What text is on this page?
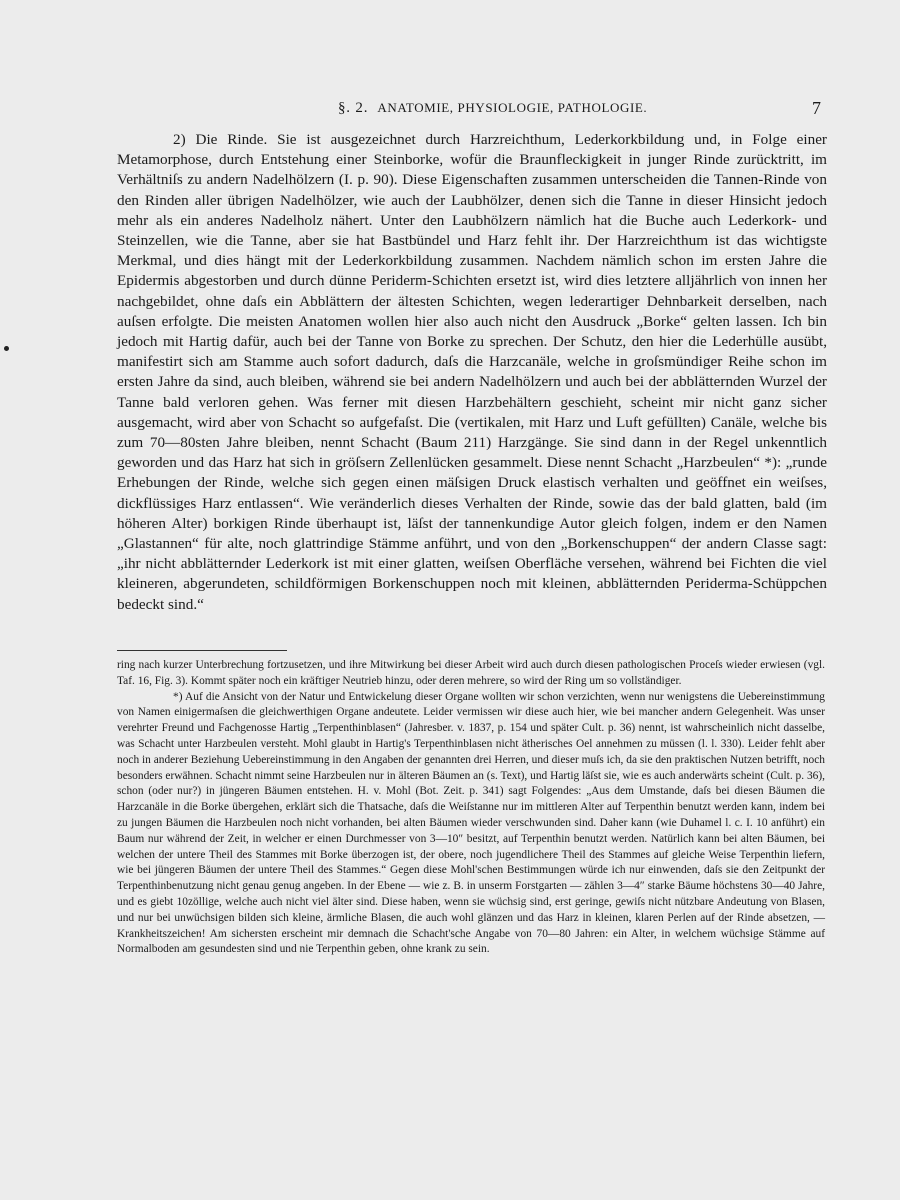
§. 2. ANATOMIE, PHYSIOLOGIE, PATHOLOGIE.	7

2) Die Rinde. Sie ist ausgezeichnet durch Harzreichthum, Lederkorkbildung und, in Folge einer Metamorphose, durch Entstehung einer Steinborke, wofür die Braunfleckigkeit in junger Rinde zurücktritt, im Verhältniſs zu andern Nadelhölzern (I. p. 90). Diese Eigenschaften zusammen unterscheiden die Tannen-Rinde von den Rinden aller übrigen Nadelhölzer, wie auch der Laubhölzer, denen sich die Tanne in dieser Hinsicht jedoch mehr als ein anderes Nadelholz nähert. Unter den Laubhölzern nämlich hat die Buche auch Lederkork- und Steinzellen, wie die Tanne, aber sie hat Bastbündel und Harz fehlt ihr. Der Harzreichthum ist das wichtigste Merkmal, und dies hängt mit der Lederkorkbildung zusammen. Nachdem nämlich schon im ersten Jahre die Epidermis abgestorben und durch dünne Periderm-Schichten ersetzt ist, wird dies letztere alljährlich von innen her nachgebildet, ohne daſs ein Abblättern der ältesten Schichten, wegen lederartiger Dehnbarkeit derselben, nach auſsen erfolgte. Die meisten Anatomen wollen hier also auch nicht den Ausdruck „Borke“ gelten lassen. Ich bin jedoch mit Hartig dafür, auch bei der Tanne von Borke zu sprechen. Der Schutz, den hier die Lederhülle ausübt, manifestirt sich am Stamme auch sofort dadurch, daſs die Harzcanäle, welche in groſsmündiger Reihe schon im ersten Jahre da sind, auch bleiben, während sie bei andern Nadelhölzern und auch bei der abblätternden Wurzel der Tanne bald verloren gehen. Was ferner mit diesen Harzbehältern geschieht, scheint mir nicht ganz sicher ausgemacht, wird aber von Schacht so aufgefaſst. Die (vertikalen, mit Harz und Luft gefüllten) Canäle, welche bis zum 70—80sten Jahre bleiben, nennt Schacht (Baum 211) Harzgänge. Sie sind dann in der Regel unkenntlich geworden und das Harz hat sich in gröſsern Zellenlücken gesammelt. Diese nennt Schacht „Harzbeulen“ *): „runde Erhebungen der Rinde, welche sich gegen einen mäſsigen Druck elastisch verhalten und geöffnet ein weiſses, dickflüssiges Harz entlassen“. Wie veränderlich dieses Verhalten der Rinde, sowie das der bald glatten, bald (im höheren Alter) borkigen Rinde überhaupt ist, läſst der tannenkundige Autor gleich folgen, indem er den Namen „Glastannen“ für alte, noch glattrindige Stämme anführt, und von den „Borkenschuppen“ der andern Classe sagt: „ihr nicht abblätternder Lederkork ist mit einer glatten, weiſsen Oberfläche versehen, während bei Fichten die viel kleineren, abgerundeten, schildförmigen Borkenschuppen noch mit kleinen, abblätternden Periderma-Schüppchen bedeckt sind.“

ring nach kurzer Unterbrechung fortzusetzen, und ihre Mitwirkung bei dieser Arbeit wird auch durch diesen pathologischen Proceſs wieder erwiesen (vgl. Taf. 16, Fig. 3). Kommt später noch ein kräftiger Neutrieb hinzu, oder deren mehrere, so wird der Ring um so vollständiger.

*) Auf die Ansicht von der Natur und Entwickelung dieser Organe wollten wir schon verzichten, wenn nur wenigstens die Uebereinstimmung von Namen einigermaſsen die gleichwerthigen Organe andeutete. Leider vermissen wir diese auch hier, wie bei mancher andern Gelegenheit. Was unser verehrter Freund und Fachgenosse Hartig „Terpenthinblasen“ (Jahresber. v. 1837, p. 154 und später Cult. p. 36) nennt, ist wahrscheinlich nicht dasselbe, was Schacht unter Harzbeulen versteht. Mohl glaubt in Hartig's Terpenthinblasen nicht ätherisches Oel annehmen zu müssen (l. l. 330). Leider fehlt aber noch in anderer Beziehung Uebereinstimmung in den Angaben der genannten drei Herren, und dieser muſs ich, da sie den praktischen Nutzen betrifft, noch besonders erwähnen. Schacht nimmt seine Harzbeulen nur in älteren Bäumen an (s. Text), und Hartig läſst sie, wie es auch anderwärts scheint (Cult. p. 36), schon (oder nur?) in jüngeren Bäumen entstehen. H. v. Mohl (Bot. Zeit. p. 341) sagt Folgendes: „Aus dem Umstande, daſs bei diesen Bäumen die Harzcanäle in die Borke übergehen, erklärt sich die Thatsache, daſs die Weiſstanne nur im mittleren Alter auf Terpenthin benutzt werden kann, indem bei zu jungen Bäumen die Harzbeulen noch nicht vorhanden, bei alten Bäumen wieder verschwunden sind. Daher kann (wie Duhamel l. c. I. 10 anführt) ein Baum nur während der Zeit, in welcher er einen Durchmesser von 3—10″ besitzt, auf Terpenthin benutzt werden. Natürlich kann bei alten Bäumen, bei welchen der untere Theil des Stammes mit Borke überzogen ist, der obere, noch jugendlichere Theil des Stammes auf gleiche Weise Terpenthin liefern, wie bei jüngeren Bäumen der untere Theil des Stammes.“ Gegen diese Mohl'schen Bestimmungen würde ich nur einwenden, daſs sie den Zeitpunkt der Terpenthinbenutzung nicht genau genug angeben. In der Ebene — wie z. B. in unserm Forstgarten — zählen 3—4″ starke Bäume höchstens 30—40 Jahre, und es giebt 10zöllige, welche auch nicht viel älter sind. Diese haben, wenn sie wüchsig sind, erst geringe, gewiſs nicht nützbare Andeutung von Blasen, und nur bei unwüchsigen bilden sich kleine, ärmliche Blasen, die auch wohl glänzen und das Harz in kleinen, klaren Perlen auf der Rinde absetzen, — Krankheitszeichen! Am sichersten erscheint mir demnach die Schacht'sche Angabe von 70—80 Jahren: ein Alter, in welchem wüchsige Stämme auf Normalboden am gesundesten sind und nie Terpenthin geben, ohne krank zu sein.
